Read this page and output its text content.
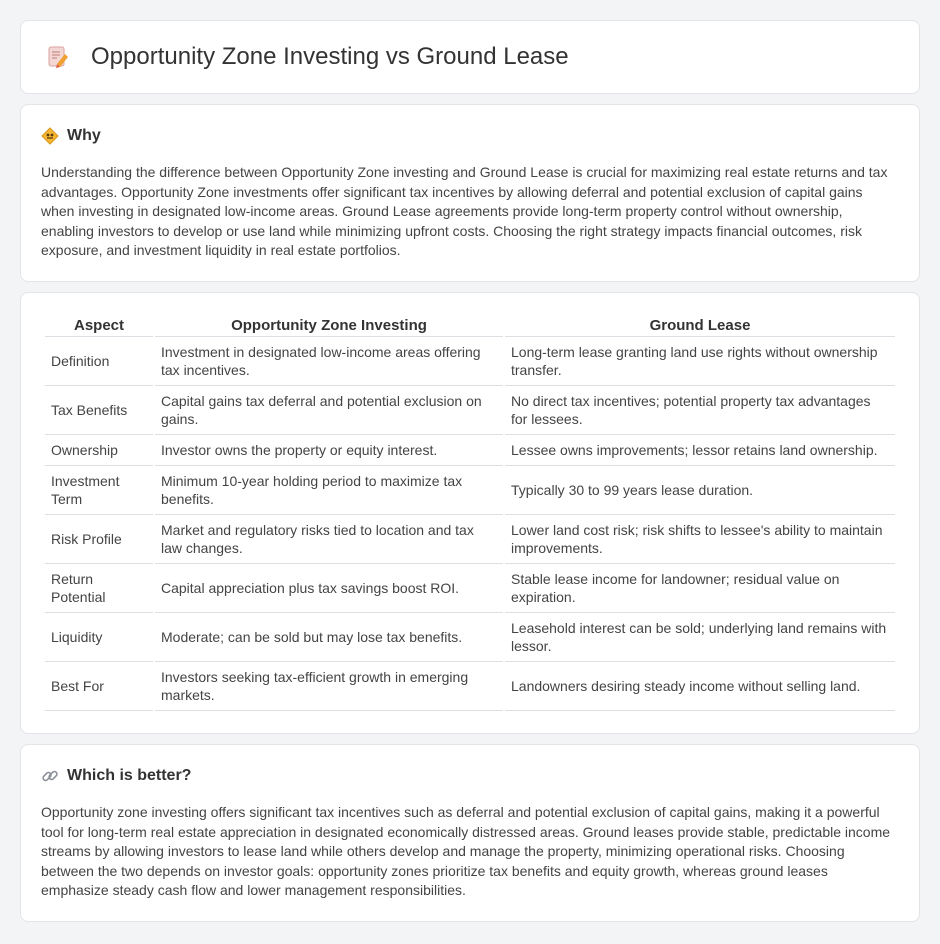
Opportunity Zone Investing vs Ground Lease
Why

Understanding the difference between Opportunity Zone investing and Ground Lease is crucial for maximizing real estate returns and tax advantages. Opportunity Zone investments offer significant tax incentives by allowing deferral and potential exclusion of capital gains when investing in designated low-income areas. Ground Lease agreements provide long-term property control without ownership, enabling investors to develop or use land while minimizing upfront costs. Choosing the right strategy impacts financial outcomes, risk exposure, and investment liquidity in real estate portfolios.

Aspect	Opportunity Zone Investing	Ground Lease
Definition	Investment in designated low-income areas offering tax incentives.	Long-term lease granting land use rights without ownership transfer.
Tax Benefits	Capital gains tax deferral and potential exclusion on gains.	No direct tax incentives; potential property tax advantages for lessees.
Ownership	Investor owns the property or equity interest.	Lessee owns improvements; lessor retains land ownership.
Investment Term	Minimum 10-year holding period to maximize tax benefits.	Typically 30 to 99 years lease duration.
Risk Profile	Market and regulatory risks tied to location and tax law changes.	Lower land cost risk; risk shifts to lessee's ability to maintain improvements.
Return Potential	Capital appreciation plus tax savings boost ROI.	Stable lease income for landowner; residual value on expiration.
Liquidity	Moderate; can be sold but may lose tax benefits.	Leasehold interest can be sold; underlying land remains with lessor.
Best For	Investors seeking tax-efficient growth in emerging markets.	Landowners desiring steady income without selling land.
Which is better?

Opportunity zone investing offers significant tax incentives such as deferral and potential exclusion of capital gains, making it a powerful tool for long-term real estate appreciation in designated economically distressed areas. Ground leases provide stable, predictable income streams by allowing investors to lease land while others develop and manage the property, minimizing operational risks. Choosing between the two depends on investor goals: opportunity zones prioritize tax benefits and equity growth, whereas ground leases emphasize steady cash flow and lower management responsibilities.
